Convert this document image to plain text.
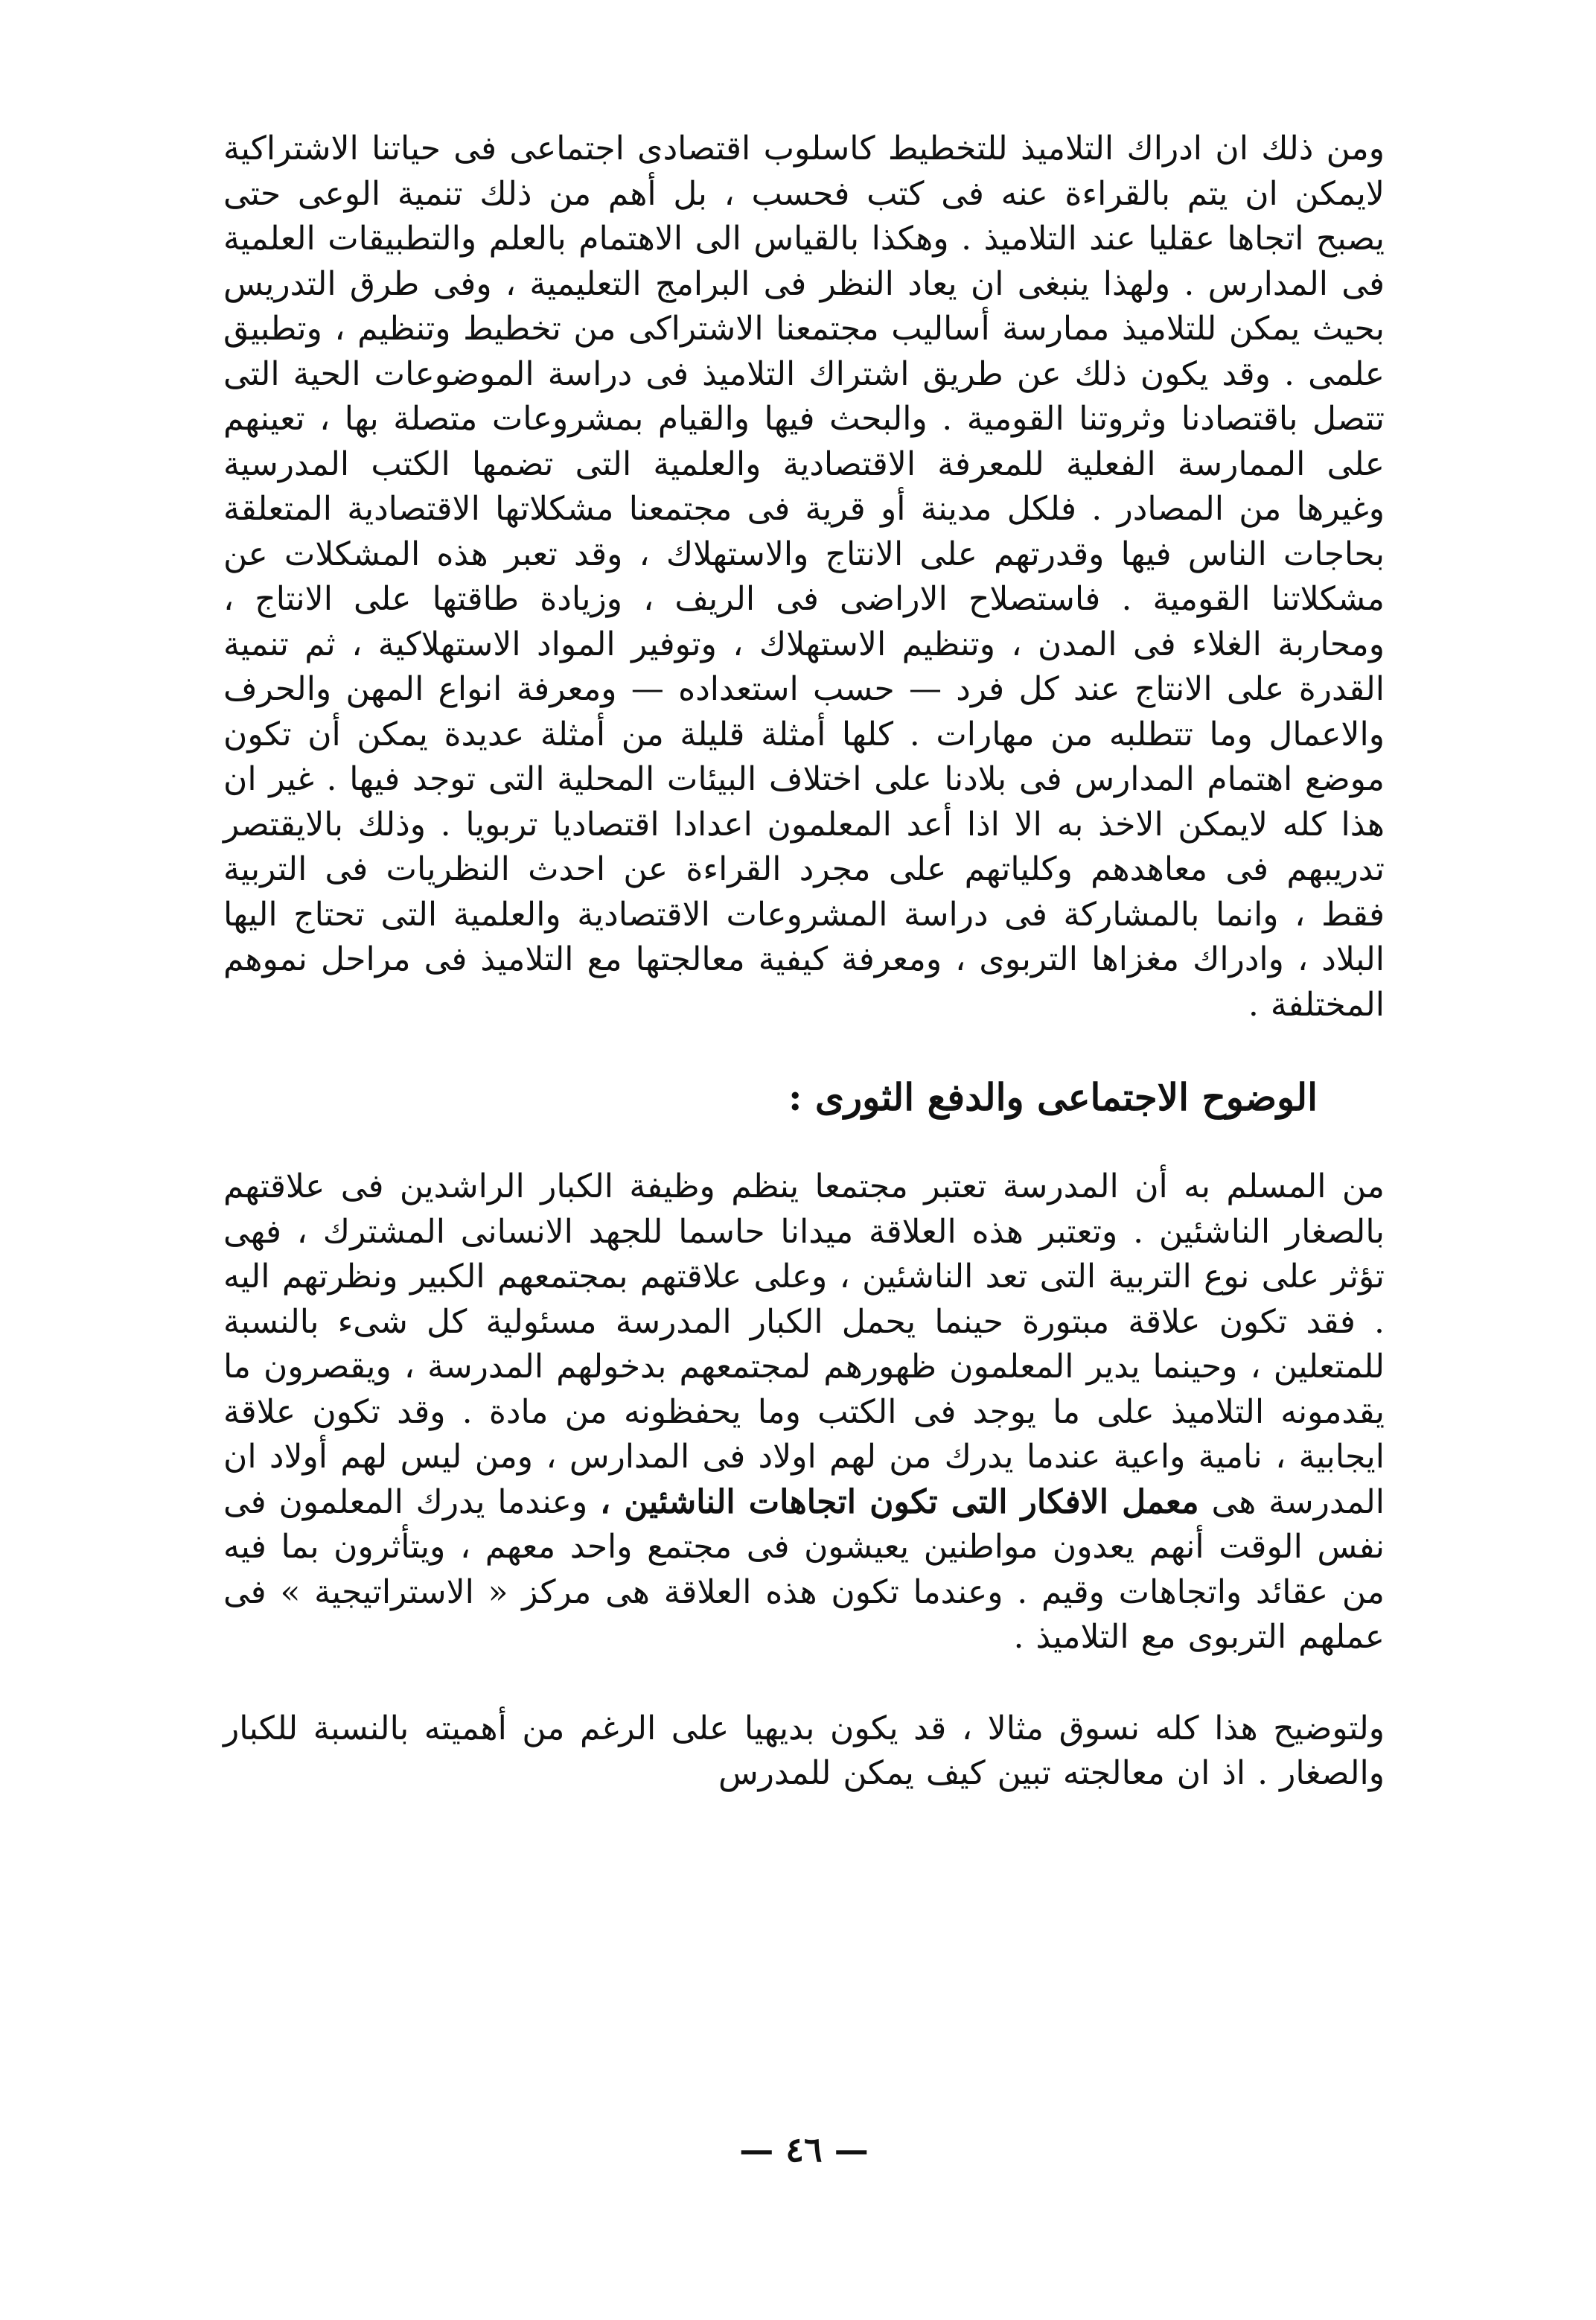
ومن ذلك ان ادراك التلاميذ للتخطيط كاسلوب اقتصادى اجتماعى فى حياتنا الاشتراكية لايمكن ان يتم بالقراءة عنه فى كتب فحسب ، بل أهم من ذلك تنمية الوعى حتى يصبح اتجاها عقليا عند التلاميذ . وهكذا بالقياس الى الاهتمام بالعلم والتطبيقات العلمية فى المدارس . ولهذا ينبغى ان يعاد النظر فى البرامج التعليمية ، وفى طرق التدريس بحيث يمكن للتلاميذ ممارسة أساليب مجتمعنا الاشتراكى من تخطيط وتنظيم ، وتطبيق علمى . وقد يكون ذلك عن طريق اشتراك التلاميذ فى دراسة الموضوعات الحية التى تتصل باقتصادنا وثروتنا القومية . والبحث فيها والقيام بمشروعات متصلة بها ، تعينهم على الممارسة الفعلية للمعرفة الاقتصادية والعلمية التى تضمها الكتب المدرسية وغيرها من المصادر . فلكل مدينة أو قرية فى مجتمعنا مشكلاتها الاقتصادية المتعلقة بحاجات الناس فيها وقدرتهم على الانتاج والاستهلاك ، وقد تعبر هذه المشكلات عن مشكلاتنا القومية . فاستصلاح الاراضى فى الريف ، وزيادة طاقتها على الانتاج ، ومحاربة الغلاء فى المدن ، وتنظيم الاستهلاك ، وتوفير المواد الاستهلاكية ، ثم تنمية القدرة على الانتاج عند كل فرد — حسب استعداده — ومعرفة انواع المهن والحرف والاعمال وما تتطلبه من مهارات . كلها أمثلة قليلة من أمثلة عديدة يمكن أن تكون موضع اهتمام المدارس فى بلادنا على اختلاف البيئات المحلية التى توجد فيها . غير ان هذا كله لايمكن الاخذ به الا اذا أعد المعلمون اعدادا اقتصاديا تربويا . وذلك بالايقتصر تدريبهم فى معاهدهم وكلياتهم على مجرد القراءة عن احدث النظريات فى التربية فقط ، وانما بالمشاركة فى دراسة المشروعات الاقتصادية والعلمية التى تحتاج اليها البلاد ، وادراك مغزاها التربوى ، ومعرفة كيفية معالجتها مع التلاميذ فى مراحل نموهم المختلفة .

الوضوح الاجتماعى والدفع الثورى :

من المسلم به أن المدرسة تعتبر مجتمعا ينظم وظيفة الكبار الراشدين فى علاقتهم بالصغار الناشئين . وتعتبر هذه العلاقة ميدانا حاسما للجهد الانسانى المشترك ، فهى تؤثر على نوع التربية التى تعد الناشئين ، وعلى علاقتهم بمجتمعهم الكبير ونظرتهم اليه . فقد تكون علاقة مبتورة حينما يحمل الكبار المدرسة مسئولية كل شىء بالنسبة للمتعلين ، وحينما يدير المعلمون ظهورهم لمجتمعهم بدخولهم المدرسة ، ويقصرون ما يقدمونه التلاميذ على ما يوجد فى الكتب وما يحفظونه من مادة . وقد تكون علاقة ايجابية ، نامية واعية عندما يدرك من لهم اولاد فى المدارس ، ومن ليس لهم أولاد ان المدرسة هى معمل الافكار التى تكون اتجاهات الناشئين ، وعندما يدرك المعلمون فى نفس الوقت أنهم يعدون مواطنين يعيشون فى مجتمع واحد معهم ، ويتأثرون بما فيه من عقائد واتجاهات وقيم . وعندما تكون هذه العلاقة هى مركز « الاستراتيجية » فى عملهم التربوى مع التلاميذ .

ولتوضيح هذا كله نسوق مثالا ، قد يكون بديهيا على الرغم من أهميته بالنسبة للكبار والصغار . اذ ان معالجته تبين كيف يمكن للمدرس

— ٤٦ —
